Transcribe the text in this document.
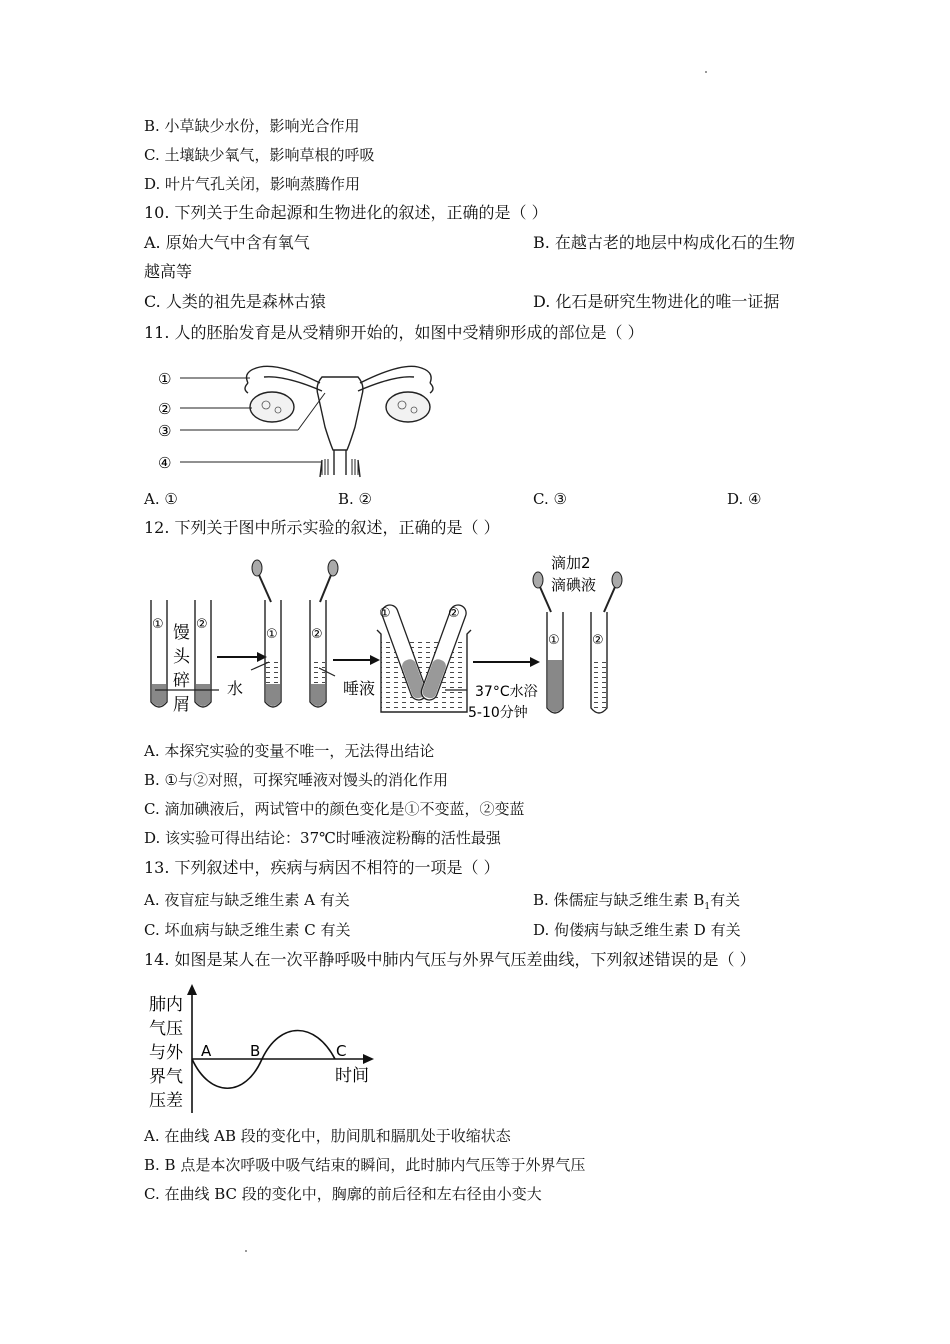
B. 小草缺少水份，影响光合作用
C. 土壤缺少氧气，影响草根的呼吸
D. 叶片气孔关闭，影响蒸腾作用
10. 下列关于生命起源和生物进化的叙述，正确的是（ ）
A. 原始大气中含有氧气	B. 在越古老的地层中构成化石的生物
越高等
C. 人类的祖先是森林古猿	D. 化石是研究生物进化的唯一证据
11. 人的胚胎发育是从受精卵开始的，如图中受精卵形成的部位是（ ）
①
②
③
④
A. ①	B. ②	C. ③	D. ④
12. 下列关于图中所示实验的叙述，正确的是（ ）
① ②
馒
头
碎
屑
①	②
水	唾液
①	②
37°C水浴
5-10分钟
① ②
滴加2
滴碘液
A. 本探究实验的变量不唯一，无法得出结论
B. ①与②对照，可探究唾液对馒头的消化作用
C. 滴加碘液后，两试管中的颜色变化是①不变蓝，②变蓝
D. 该实验可得出结论：37℃时唾液淀粉酶的活性最强
13. 下列叙述中，疾病与病因不相符的一项是（ ）
A. 夜盲症与缺乏维生素 A 有关	B. 侏儒症与缺乏维生素 $B_1$有关
C. 坏血病与缺乏维生素 C 有关	D. 佝偻病与缺乏维生素 D 有关
14. 如图是某人在一次平静呼吸中肺内气压与外界气压差曲线，下列叙述错误的是（ ）
肺内
气压
与外
界气
压差
A	B	C
时间
A. 在曲线 AB 段的变化中，肋间肌和膈肌处于收缩状态
B. B 点是本次呼吸中吸气结束的瞬间，此时肺内气压等于外界气压
C. 在曲线 BC 段的变化中，胸廓的前后径和左右径由小变大
